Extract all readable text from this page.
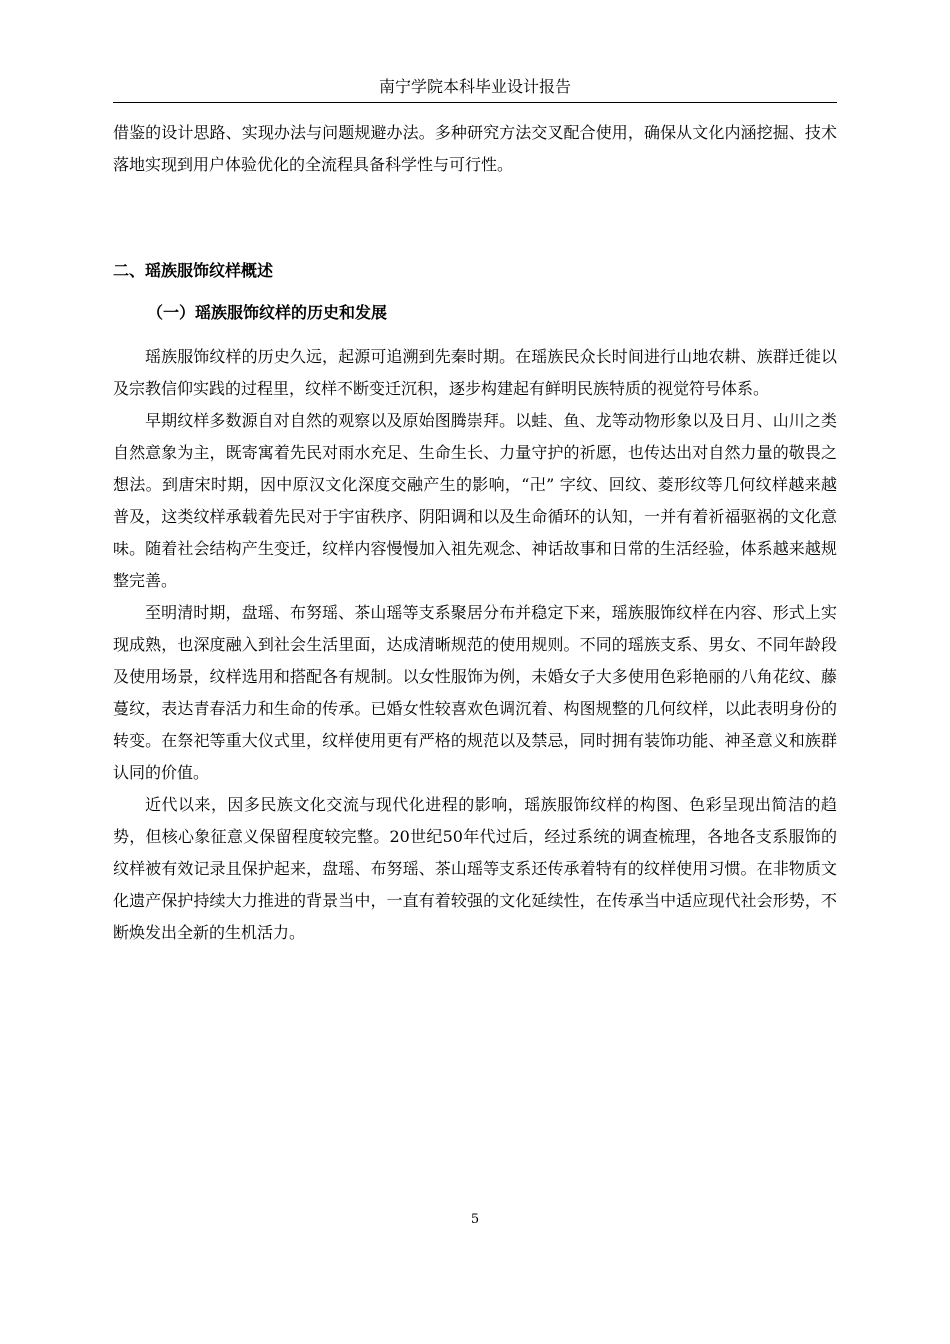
南宁学院本科毕业设计报告

借鉴的设计思路、实现办法与问题规避办法。多种研究方法交叉配合使用，确保从文化内涵挖掘、技术落地实现到用户体验优化的全流程具备科学性与可行性。

二、瑶族服饰纹样概述
（一）瑶族服饰纹样的历史和发展

瑶族服饰纹样的历史久远，起源可追溯到先秦时期。在瑶族民众长时间进行山地农耕、族群迁徙以及宗教信仰实践的过程里，纹样不断变迁沉积，逐步构建起有鲜明民族特质的视觉符号体系。

早期纹样多数源自对自然的观察以及原始图腾崇拜。以蛙、鱼、龙等动物形象以及日月、山川之类自然意象为主，既寄寓着先民对雨水充足、生命生长、力量守护的祈愿，也传达出对自然力量的敬畏之想法。到唐宋时期，因中原汉文化深度交融产生的影响，“卍” 字纹、回纹、菱形纹等几何纹样越来越普及，这类纹样承载着先民对于宇宙秩序、阴阳调和以及生命循环的认知，一并有着祈福驱祸的文化意味。随着社会结构产生变迁，纹样内容慢慢加入祖先观念、神话故事和日常的生活经验，体系越来越规整完善。

至明清时期，盘瑶、布努瑶、茶山瑶等支系聚居分布并稳定下来，瑶族服饰纹样在内容、形式上实现成熟，也深度融入到社会生活里面，达成清晰规范的使用规则。不同的瑶族支系、男女、不同年龄段及使用场景，纹样选用和搭配各有规制。以女性服饰为例，未婚女子大多使用色彩艳丽的八角花纹、藤蔓纹，表达青春活力和生命的传承。已婚女性较喜欢色调沉着、构图规整的几何纹样，以此表明身份的转变。在祭祀等重大仪式里，纹样使用更有严格的规范以及禁忌，同时拥有装饰功能、神圣意义和族群认同的价值。

近代以来，因多民族文化交流与现代化进程的影响，瑶族服饰纹样的构图、色彩呈现出简洁的趋势，但核心象征意义保留程度较完整。20世纪50年代过后，经过系统的调查梳理，各地各支系服饰的纹样被有效记录且保护起来，盘瑶、布努瑶、茶山瑶等支系还传承着特有的纹样使用习惯。在非物质文化遗产保护持续大力推进的背景当中，一直有着较强的文化延续性，在传承当中适应现代社会形势，不断焕发出全新的生机活力。

5
